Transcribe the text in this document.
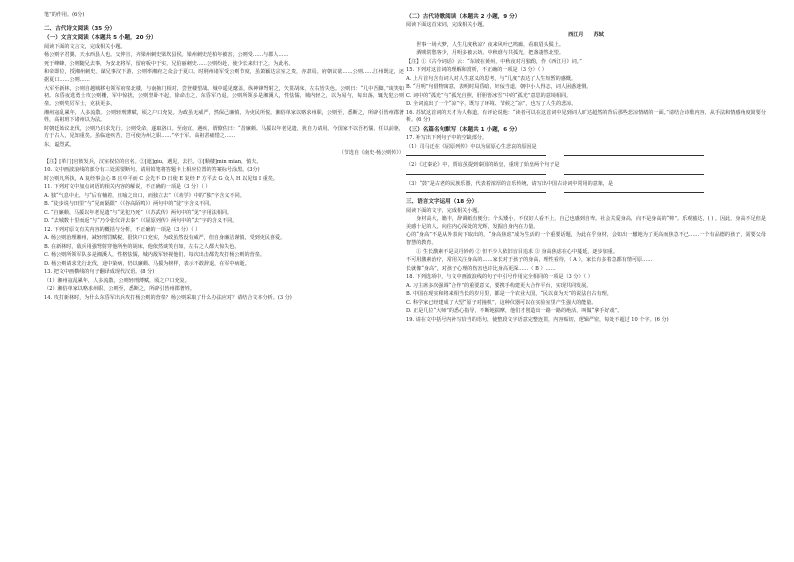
笔”的作用。(6分)

二、古代诗文阅读（35 分）

（一）文言文阅读（本题共 5 小题，20 分）

阅读下面的文言文，完成相关小题。

杨公则字君翼，天水西县人也。父仲宣，齐梁州刺史梁坎县侯。梁州刺史范柏年被害，公则受……与郡人……

死于峰蜂，公则随兄去事，为安北将军，留府板中于实，兄伯丽刺史……公则纷赴，使少长来归于之，为此名。

和帝即位，授湘州刺史。谋兄事汉下游，公则率湘府之众会于夏口。时荆州诸军受公则节度，虽萧颖达宗室之贵，亦隶焉。府朝议欲……公则……江州既定，还据夏口……公则……

大军至新林，公则自越城移屯领军府垒北楼，与南掖门相对，尝登楼望战。城中遥见麾盖，纵神锋弩射之，矢贯胡床，左右皆失色。公则曰：“几中吾脚。”谈笑如初。东昏夜选勇士攻公则栅，军中惊扰，公则坚卧不起，徐命击之，东昏军乃退。公则所领多是湘溪人，性怯懦，城内轻之，以为易与，每出荡，辄先犯公则垒。公则奖厉军士，克获更多。

湘州寇乱累年，人多流散。公则轻刑薄赋，顷之户口充复。为政虽无威严，然保己廉慎，为吏民所悦。湘俗单家以赂求州职，公则至，悉断之，所辟引皆州郡著姓，高祖班下诸州以为法。

时朝廷始议北伐，公则乃启求先行。公则受命，遂取洛口。至南宜，遇疾，谓僚佐曰：“昔廉颇、马援以年老见遗，犹自力请用。今国家不以吾朽懦，任以前驱，方于古人，见知重矣。虽临途疾苦，岂可使为州之职……”卒于军。高祖甚痛惜之……

东，谥烈武。

（节选自《南史·杨公则传》）

【注】[革门]官彼发兵，汉室权位的官名。②[遮]giu，遇见，去拦。③[顺楼]min mian，慎夫。

10. 文中画波浪线的部分有三处需要断句，请用铅笔将答题卡上相应位置的答案标号涂黑。(3分)

时公则凡所执，A 复经事会心 B 且中平而 C 会先不 D 日使 E 复经 F 方平去 G 众人 H 以见知 I 重矣。

11. 下列对文中加点词语的相关内容的解说，不正确的一项是（3 分）（ ）

A. 独“气息中止，与“后有楠着，且喻之出口，而独立去”（《劝学》中的“独”字含义不同。

B. “徒步说与田里”与“晃而隔限”（《谷高陌鸣》）两句中的“徒”字含义不同。

C. “自廉颇、马援以年老见遗”与“见犯乃死”（《苏武传》两句中的“见”字用法相同。

D. “去城数十里而返”与“乃令张仪详去秦”（《屈原列传》两句中的“去”字的含义不同。

12. 下列对原文有关内容的概括与分析，不正确的一项是（3 分）（ ）

A. 杨公则治理湘州，减轻刑罚赋税，很快户口充实，为政虽然没有威严，但自身廉洁谨慎，受到吏民喜爱。

B. 在新林时，敌兵用强弩射穿他所坐的胡床，他依然谈笑自如，左右之人都大惊失色。

C. 杨公则所领军队多是湘溪人，性格怯懦，城内敌军轻视他们，每次出击都先攻打杨公则的营垒。

D. 杨公则请求先行北伐，途中染病，仍以廉颇、马援为榜样，表示不敢辞退，在军中病逝。

13. 把文中画横线的句子翻译成现代汉语。(8 分)

（1）湘州寇乱累年，人多流散，公则轻刑薄赋，顷之户口充复。

（2）湘俗单家以赂求州职，公则至，悉断之，所辟引皆州郡著姓。

14. 攻打新林时，为什么东昏军出兵攻打杨公则的营垒？杨公则采取了什么办法应对？请结合文本分析。(3 分)

（二）古代诗歌阅读（本题共 2 小题，9 分）

阅读下面这首宋词，完成相关小题。

西江月　　苏轼

　　世事一场大梦，人生几度秋凉？夜来风叶已鸣廊，看取眉头鬓上。

　　酒贱常愁客少，月明多被云妨。中秋谁与共孤光，把盏凄然北望。

【注】①《古今词话》云：“东坡在黄州，中秋夜对月独酌，作《西江月》词。”

15. 下列对这首词的理解和赏析，不正确的一项是（3 分）（ ）

A. 上片首句含有词人对人生意义的思考，与“几度”表达了人生短暂的感慨。

B. “月明”句借物寓意，表明时局昏暗，奸佞当道，朝中小人得志，词人困惑迷惘。

C. 词中的“孤光”与“孤光自照，肝胆皆冰雪”中的“孤光”意思的意境相同。

D. 全词流出了一个“凉”字，既写了环境、节候之“凉”，也写了人生的悲凉。

16. 苏轼这首词的天才为人称道，有评论说他：“读者可以在这首词中见到词人旷达超然的背后那些悲凉情绪的一面。”请结合诗歌内容，从手法和情感角度简要分析。(6 分)

（三）名篇名句默写（本题共 1 小题，6 分）

17. 补写出下列句子中的空缺部分。

（1）司马迁在《屈原列传》中以为屈原心生悲哀的原因是

（2）《过秦论》中，贾谊虽提到秦国的始皇，重现了始皇两个句子是

（3）“鼓”是古老的民族乐器，代表着浓厚的音乐传统，请写出中国古诗词中常用的意象，是

三、语言文字运用（18 分）

阅读下面的文字，完成相关小题。

　　身材高大，籍丰，辞调纸有便分；个头矮小，不仅好人看不上，自己也感到自卑。社会关爱身高，向不是身高的“帅”。乐观豁达，( ) 。因此，身高不足但是美感十足的人，向往内心深处的光辉，发掘自身内在力量。

心的“身高”不是从外表向下取出的，“身高焦虑”成为生活的一个重要话题，为此在乎身材，会如出一辙地为了更高而焦急不已……一个有品德的孩子，需要父母智慧的教育。

　　① 生长激素不是灵丹妙药 ② 但不少人依旧盲目追求 ③ 身高焦虑在心中蔓延，逐步加重。

不可用激素治疗，常用关注身高的……家长对于孩子的身高，理性看待，（ A ），家长有多着急都有情可原……

长就像“身高”，对孩子心理的伤害也许比身高更深……（ B ）……

18. 下列选项中，与文中画波浪线的句子中引号作用完全相同的一项是（3 分）（ ）

A. 习主席多次强调“合作”的重要意义，要携手构建更大合作平台，实现共同发展。

B. 中国在现实和将来相当长的岁月里，都是一个农业大国，“民以食为天”的说法自古有理。

C. 科学家已经建成了大型“原子对撞机”，这种仪器可以在实验室里产生强大的能量。

D. 正是几位“大师”的悉心指导，不断地揣摩，他们才创造出一路一路的绝活，叫做“拿手好戏”。

19. 请在文中括号内补写恰当的语句，使整段文字语意完整连贯，内容贴切，逻辑严密，每处不超过 10 个字。(6 分)
